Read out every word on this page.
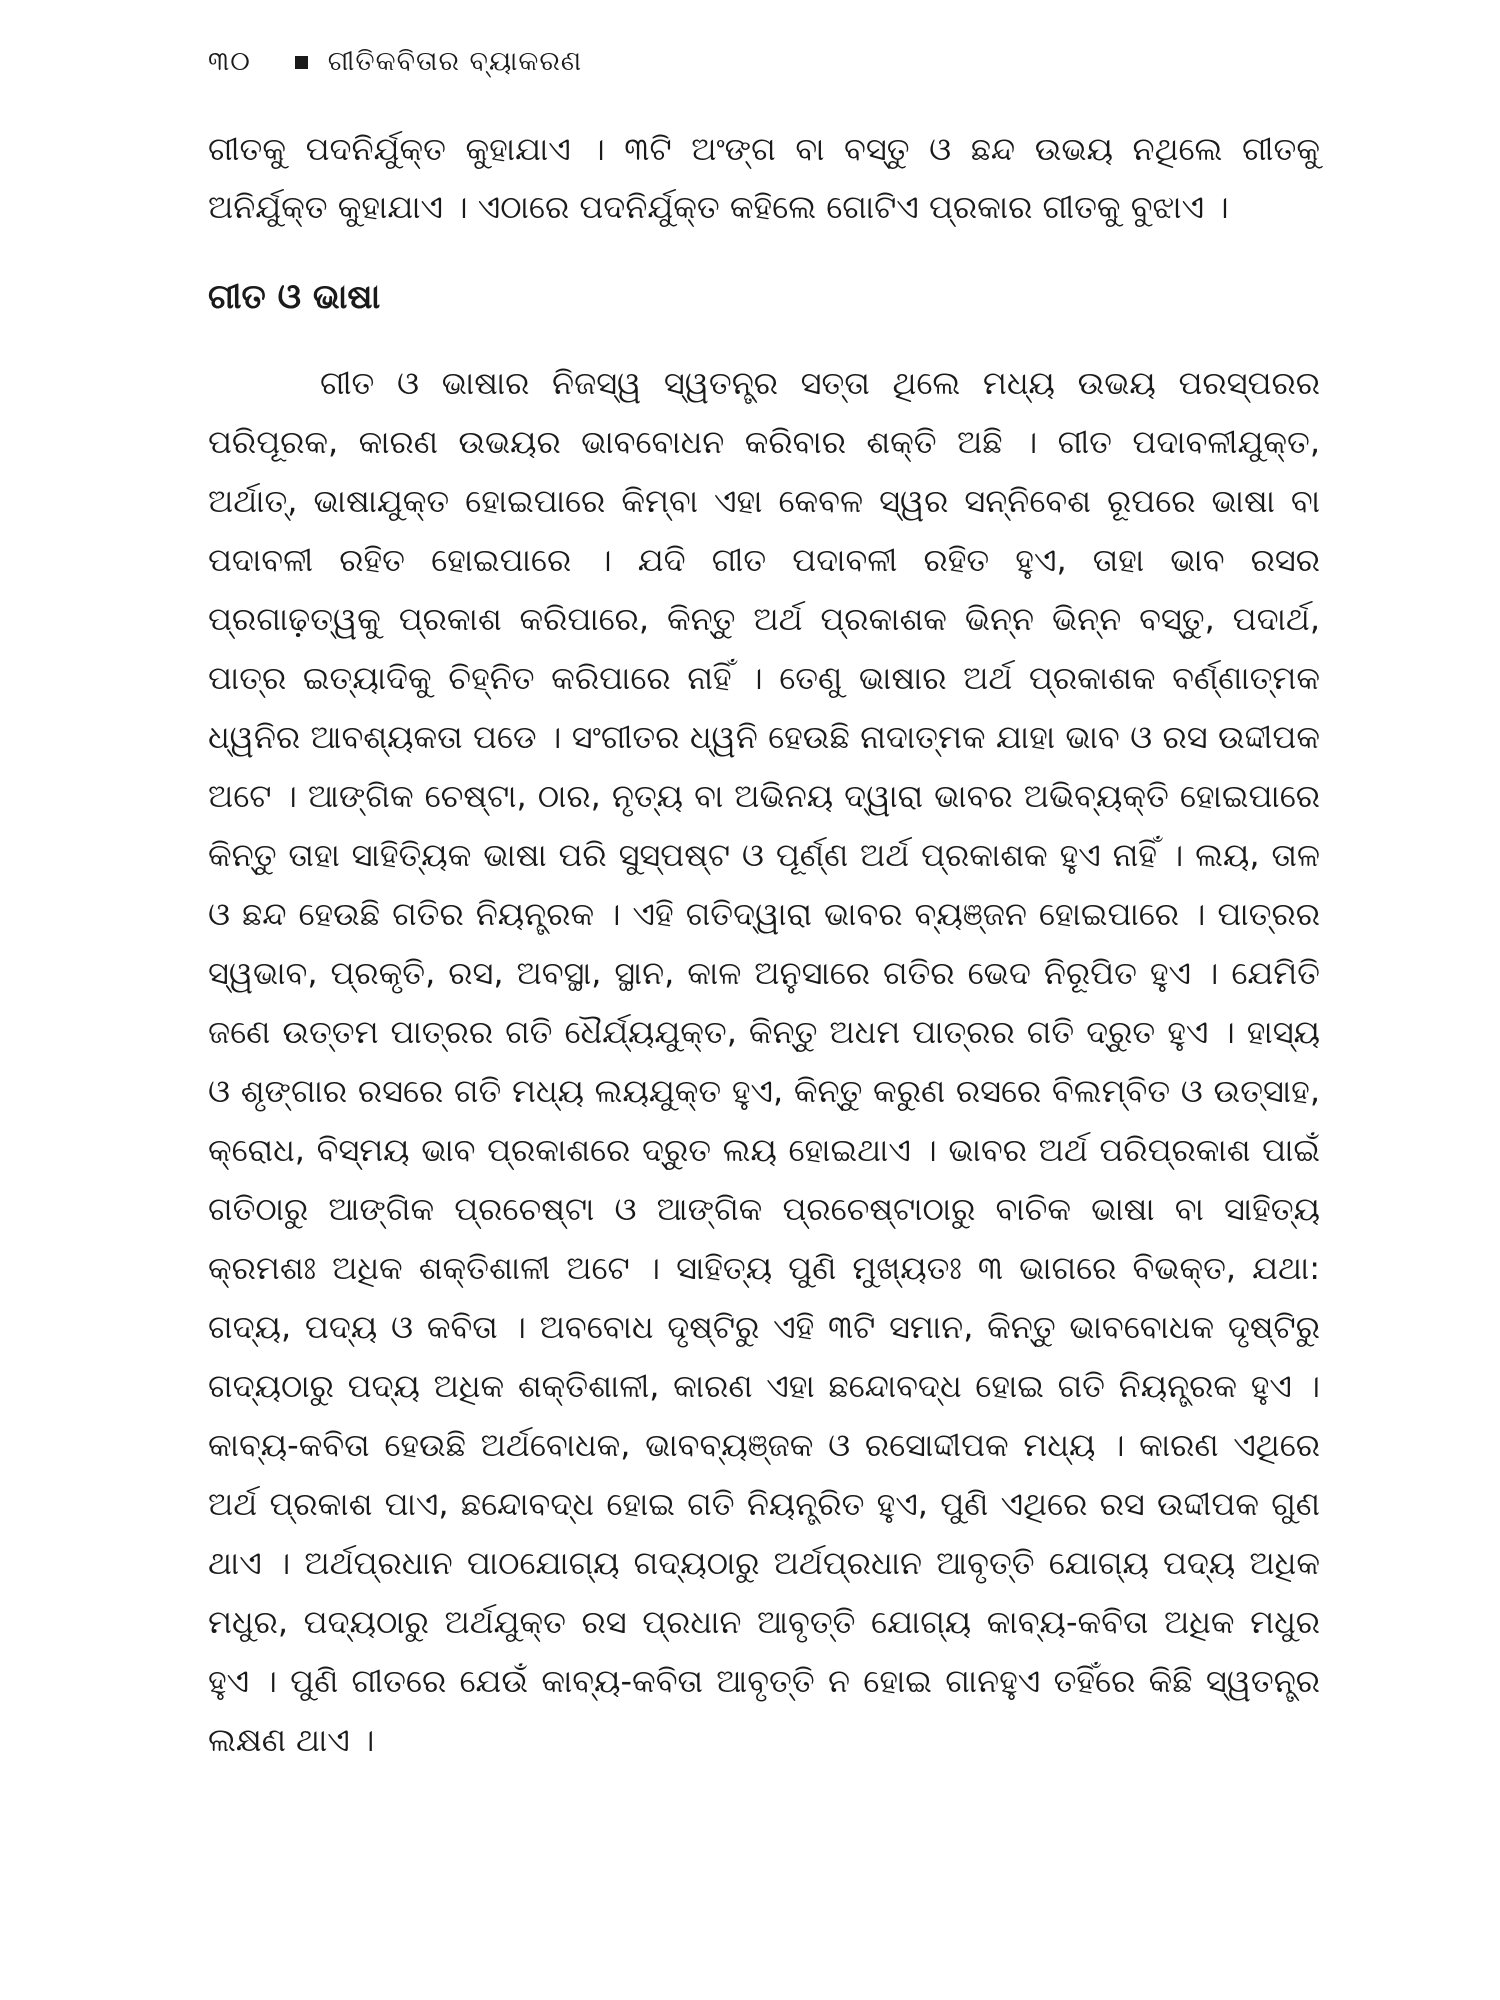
୩୦	ଗୀତିକବିତାର ବ୍ୟାକରଣ

ଗୀତକୁ ପଦନିର୍ଯୁକ୍ତ କୁହାଯାଏ । ୩ଟି ଅଂଙ୍ଗ ବା ବସ୍ତୁ ଓ ଛନ୍ଦ ଉଭୟ ନଥିଲେ ଗୀତକୁ ଅନିର୍ଯୁକ୍ତ କୁହାଯାଏ । ଏଠାରେ ପଦନିର୍ଯୁକ୍ତ କହିଲେ ଗୋଟିଏ ପ୍ରକାର ଗୀତକୁ ବୁଝାଏ ।

ଗୀତ ଓ ଭାଷା

ଗୀତ ଓ ଭାଷାର ନିଜସ୍ୱ ସ୍ୱତନ୍ତ୍ର ସତ୍ତା ଥିଲେ ମଧ୍ୟ ଉଭୟ ପରସ୍ପରର ପରିପୂରକ, କାରଣ ଉଭୟର ଭାବବୋଧନ କରିବାର ଶକ୍ତି ଅଛି । ଗୀତ ପଦାବଳୀଯୁକ୍ତ, ଅର୍ଥାତ୍, ଭାଷାଯୁକ୍ତ ହୋଇପାରେ କିମ୍ବା ଏହା କେବଳ ସ୍ୱର ସନ୍ନିବେଶ ରୂପରେ ଭାଷା ବା ପଦାବଳୀ ରହିତ ହୋଇପାରେ । ଯଦି ଗୀତ ପଦାବଳୀ ରହିତ ହୁଏ, ତାହା ଭାବ ରସର ପ୍ରଗାଢ଼ତ୍ୱକୁ ପ୍ରକାଶ କରିପାରେ, କିନ୍ତୁ ଅର୍ଥ ପ୍ରକାଶକ ଭିନ୍ନ ଭିନ୍ନ ବସ୍ତୁ, ପଦାର୍ଥ, ପାତ୍ର ଇତ୍ୟାଦିକୁ ଚିହ୍ନିତ କରିପାରେ ନାହିଁ । ତେଣୁ ଭାଷାର ଅର୍ଥ ପ୍ରକାଶକ ବର୍ଣ୍ଣାତ୍ମକ ଧ୍ୱନିର ଆବଶ୍ୟକତା ପଡେ । ସଂଗୀତର ଧ୍ୱନି ହେଉଛି ନାଦାତ୍ମକ ଯାହା ଭାବ ଓ ରସ ଉଦ୍ଦୀପକ ଅଟେ । ଆଙ୍ଗିକ ଚେଷ୍ଟା, ଠାର, ନୃତ୍ୟ ବା ଅଭିନୟ ଦ୍ୱାରା ଭାବର ଅଭିବ୍ୟକ୍ତି ହୋଇପାରେ କିନ୍ତୁ ତାହା ସାହିତ୍ୟିକ ଭାଷା ପରି ସୁସ୍ପଷ୍ଟ ଓ ପୂର୍ଣ୍ଣ ଅର୍ଥ ପ୍ରକାଶକ ହୁଏ ନାହିଁ । ଲୟ, ତାଳ ଓ ଛନ୍ଦ ହେଉଛି ଗତିର ନିୟନ୍ତ୍ରକ । ଏହି ଗତିଦ୍ୱାରା ଭାବର ବ୍ୟଞ୍ଜନ ହୋଇପାରେ । ପାତ୍ରର ସ୍ୱଭାବ, ପ୍ରକୃତି, ରସ, ଅବସ୍ଥା, ସ୍ଥାନ, କାଳ ଅନୁସାରେ ଗତିର ଭେଦ ନିରୂପିତ ହୁଏ । ଯେମିତି ଜଣେ ଉତ୍ତମ ପାତ୍ରର ଗତି ଧୈର୍ଯ୍ୟଯୁକ୍ତ, କିନ୍ତୁ ଅଧମ ପାତ୍ରର ଗତି ଦ୍ରୁତ ହୁଏ । ହାସ୍ୟ ଓ ଶୃଙ୍ଗାର ରସରେ ଗତି ମଧ୍ୟ ଲୟଯୁକ୍ତ ହୁଏ, କିନ୍ତୁ କରୁଣ ରସରେ ବିଲମ୍ବିତ ଓ ଉତ୍ସାହ, କ୍ରୋଧ, ବିସ୍ମୟ ଭାବ ପ୍ରକାଶରେ ଦ୍ରୁତ ଲୟ ହୋଇଥାଏ । ଭାବର ଅର୍ଥ ପରିପ୍ରକାଶ ପାଇଁ ଗତିଠାରୁ ଆଙ୍ଗିକ ପ୍ରଚେଷ୍ଟା ଓ ଆଙ୍ଗିକ ପ୍ରଚେଷ୍ଟାଠାରୁ ବାଚିକ ଭାଷା ବା ସାହିତ୍ୟ କ୍ରମଶଃ ଅଧିକ ଶକ୍ତିଶାଳୀ ଅଟେ । ସାହିତ୍ୟ ପୁଣି ମୁଖ୍ୟତଃ ୩ ଭାଗରେ ବିଭକ୍ତ, ଯଥା: ଗଦ୍ୟ, ପଦ୍ୟ ଓ କବିତା । ଅବବୋଧ ଦୃଷ୍ଟିରୁ ଏହି ୩ଟି ସମାନ, କିନ୍ତୁ ଭାବବୋଧକ ଦୃଷ୍ଟିରୁ ଗଦ୍ୟଠାରୁ ପଦ୍ୟ ଅଧିକ ଶକ୍ତିଶାଳୀ, କାରଣ ଏହା ଛନ୍ଦୋବଦ୍ଧ ହୋଇ ଗତି ନିୟନ୍ତ୍ରକ ହୁଏ । କାବ୍ୟ-କବିତା ହେଉଛି ଅର୍ଥବୋଧକ, ଭାବବ୍ୟଞ୍ଜକ ଓ ରସୋଦ୍ଦୀପକ ମଧ୍ୟ । କାରଣ ଏଥିରେ ଅର୍ଥ ପ୍ରକାଶ ପାଏ, ଛନ୍ଦୋବଦ୍ଧ ହୋଇ ଗତି ନିୟନ୍ତ୍ରିତ ହୁଏ, ପୁଣି ଏଥିରେ ରସ ଉଦ୍ଦୀପକ ଗୁଣ ଥାଏ । ଅର୍ଥପ୍ରଧାନ ପାଠଯୋଗ୍ୟ ଗଦ୍ୟଠାରୁ ଅର୍ଥପ୍ରଧାନ ଆବୃତ୍ତି ଯୋଗ୍ୟ ପଦ୍ୟ ଅଧିକ ମଧୁର, ପଦ୍ୟଠାରୁ ଅର୍ଥଯୁକ୍ତ ରସ ପ୍ରଧାନ ଆବୃତ୍ତି ଯୋଗ୍ୟ କାବ୍ୟ-କବିତା ଅଧିକ ମଧୁର ହୁଏ । ପୁଣି ଗୀତରେ ଯେଉଁ କାବ୍ୟ-କବିତା ଆବୃତ୍ତି ନ ହୋଇ ଗାନହୁଏ ତହିଁରେ କିଛି ସ୍ୱତନ୍ତ୍ର ଲକ୍ଷଣ ଥାଏ ।
